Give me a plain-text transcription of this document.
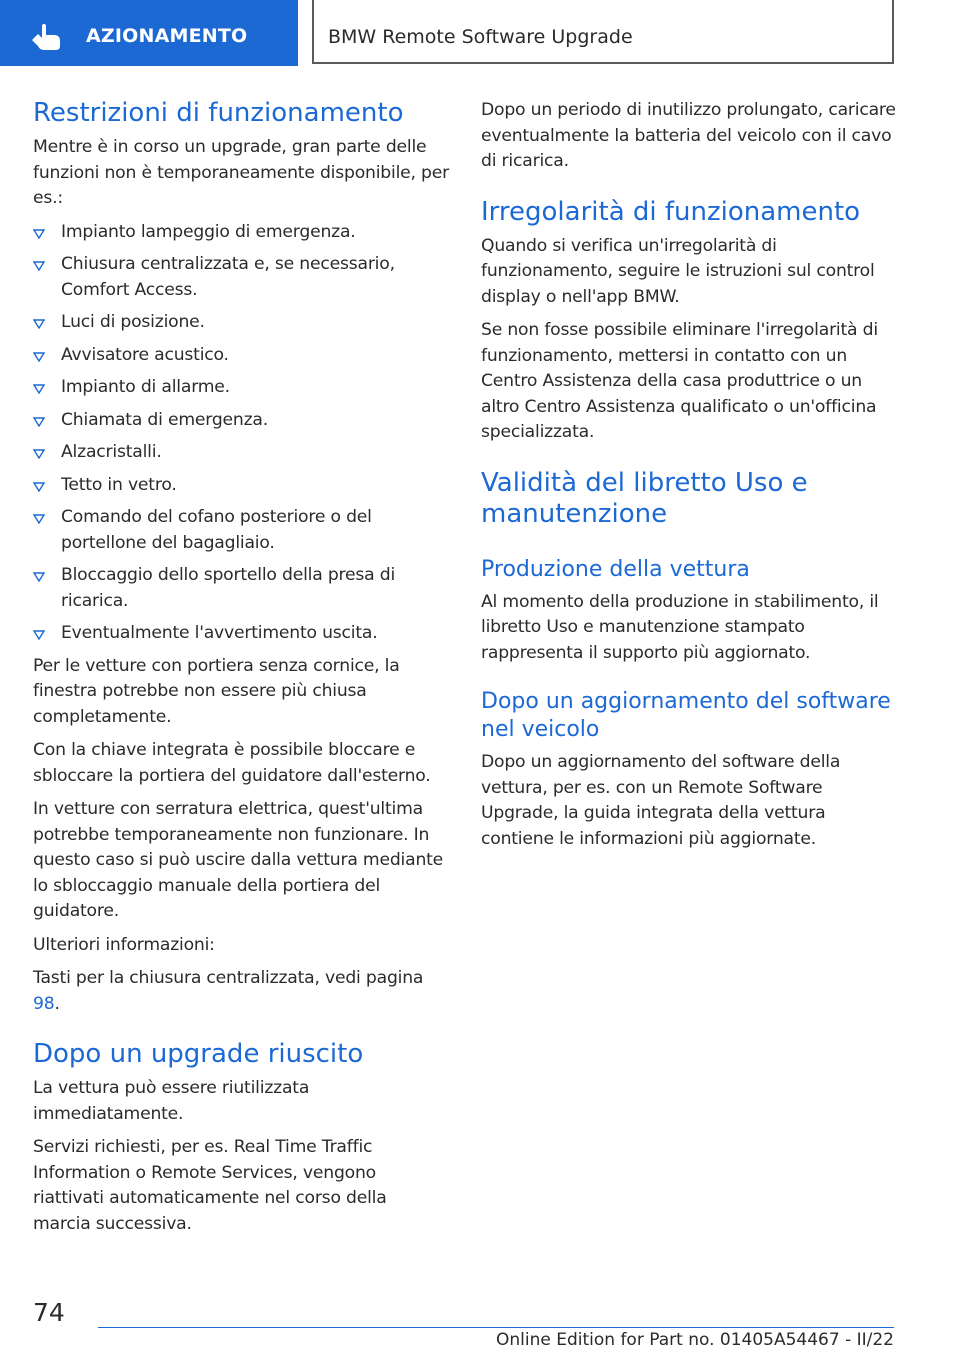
AZIONAMENTO	BMW Remote Software Upgrade
Restrizioni di funzionamento

Mentre è in corso un upgrade, gran parte delle funzioni non è temporaneamente disponibile, per es.:

Impianto lampeggio di emergenza.
Chiusura centralizzata e, se necessario, Comfort Access.
Luci di posizione.
Avvisatore acustico.
Impianto di allarme.
Chiamata di emergenza.
Alzacristalli.
Tetto in vetro.
Comando del cofano posteriore o del portellone del bagagliaio.
Bloccaggio dello sportello della presa di ricarica.
Eventualmente l'avvertimento uscita.

Per le vetture con portiera senza cornice, la finestra potrebbe non essere più chiusa completamente.

Con la chiave integrata è possibile bloccare e sbloccare la portiera del guidatore dall'esterno.

In vetture con serratura elettrica, quest'ultima potrebbe temporaneamente non funzionare. In questo caso si può uscire dalla vettura mediante lo sbloccaggio manuale della portiera del guidatore.

Ulteriori informazioni:

Tasti per la chiusura centralizzata, vedi pagina 98.

Dopo un upgrade riuscito

La vettura può essere riutilizzata immediatamente.

Servizi richiesti, per es. Real Time Traffic Information o Remote Services, vengono riattivati automaticamente nel corso della marcia successiva.

Dopo un periodo di inutilizzo prolungato, caricare eventualmente la batteria del veicolo con il cavo di ricarica.

Irregolarità di funzionamento

Quando si verifica un'irregolarità di funzionamento, seguire le istruzioni sul control display o nell'app BMW.

Se non fosse possibile eliminare l'irregolarità di funzionamento, mettersi in contatto con un Centro Assistenza della casa produttrice o un altro Centro Assistenza qualificato o un'officina specializzata.

Validità del libretto Uso e manutenzione
Produzione della vettura

Al momento della produzione in stabilimento, il libretto Uso e manutenzione stampato rappresenta il supporto più aggiornato.

Dopo un aggiornamento del software nel veicolo

Dopo un aggiornamento del software della vettura, per es. con un Remote Software Upgrade, la guida integrata della vettura contiene le informazioni più aggiornate.

74
Online Edition for Part no. 01405A54467 - II/22
